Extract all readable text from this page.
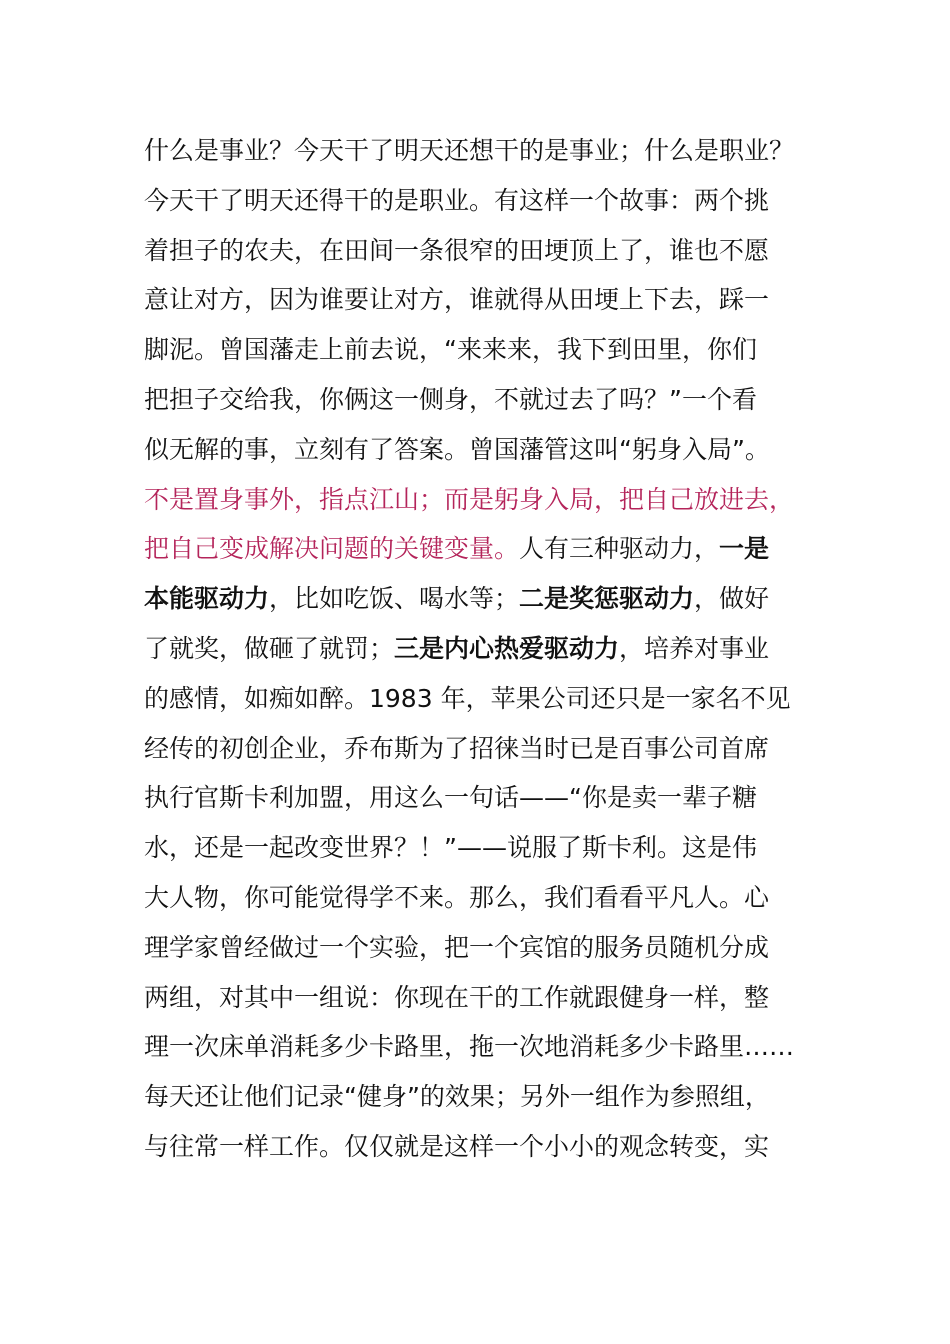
什么是事业？今天干了明天还想干的是事业；什么是职业？
今天干了明天还得干的是职业。有这样一个故事：两个挑
着担子的农夫，在田间一条很窄的田埂顶上了，谁也不愿
意让对方，因为谁要让对方，谁就得从田埂上下去，踩一
脚泥。曾国藩走上前去说，“来来来，我下到田里，你们
把担子交给我，你俩这一侧身，不就过去了吗？”一个看
似无解的事，立刻有了答案。曾国藩管这叫“躬身入局”。
不是置身事外，指点江山；而是躬身入局，把自己放进去，
把自己变成解决问题的关键变量。人有三种驱动力，一是
本能驱动力，比如吃饭、喝水等；二是奖惩驱动力，做好
了就奖，做砸了就罚；三是内心热爱驱动力，培养对事业
的感情，如痴如醉。1983 年，苹果公司还只是一家名不见
经传的初创企业，乔布斯为了招徕当时已是百事公司首席
执行官斯卡利加盟，用这么一句话——“你是卖一辈子糖
水，还是一起改变世界？！”——说服了斯卡利。这是伟
大人物，你可能觉得学不来。那么，我们看看平凡人。心
理学家曾经做过一个实验，把一个宾馆的服务员随机分成
两组，对其中一组说：你现在干的工作就跟健身一样，整
理一次床单消耗多少卡路里，拖一次地消耗多少卡路里……
每天还让他们记录“健身”的效果；另外一组作为参照组，
与往常一样工作。仅仅就是这样一个小小的观念转变，实
